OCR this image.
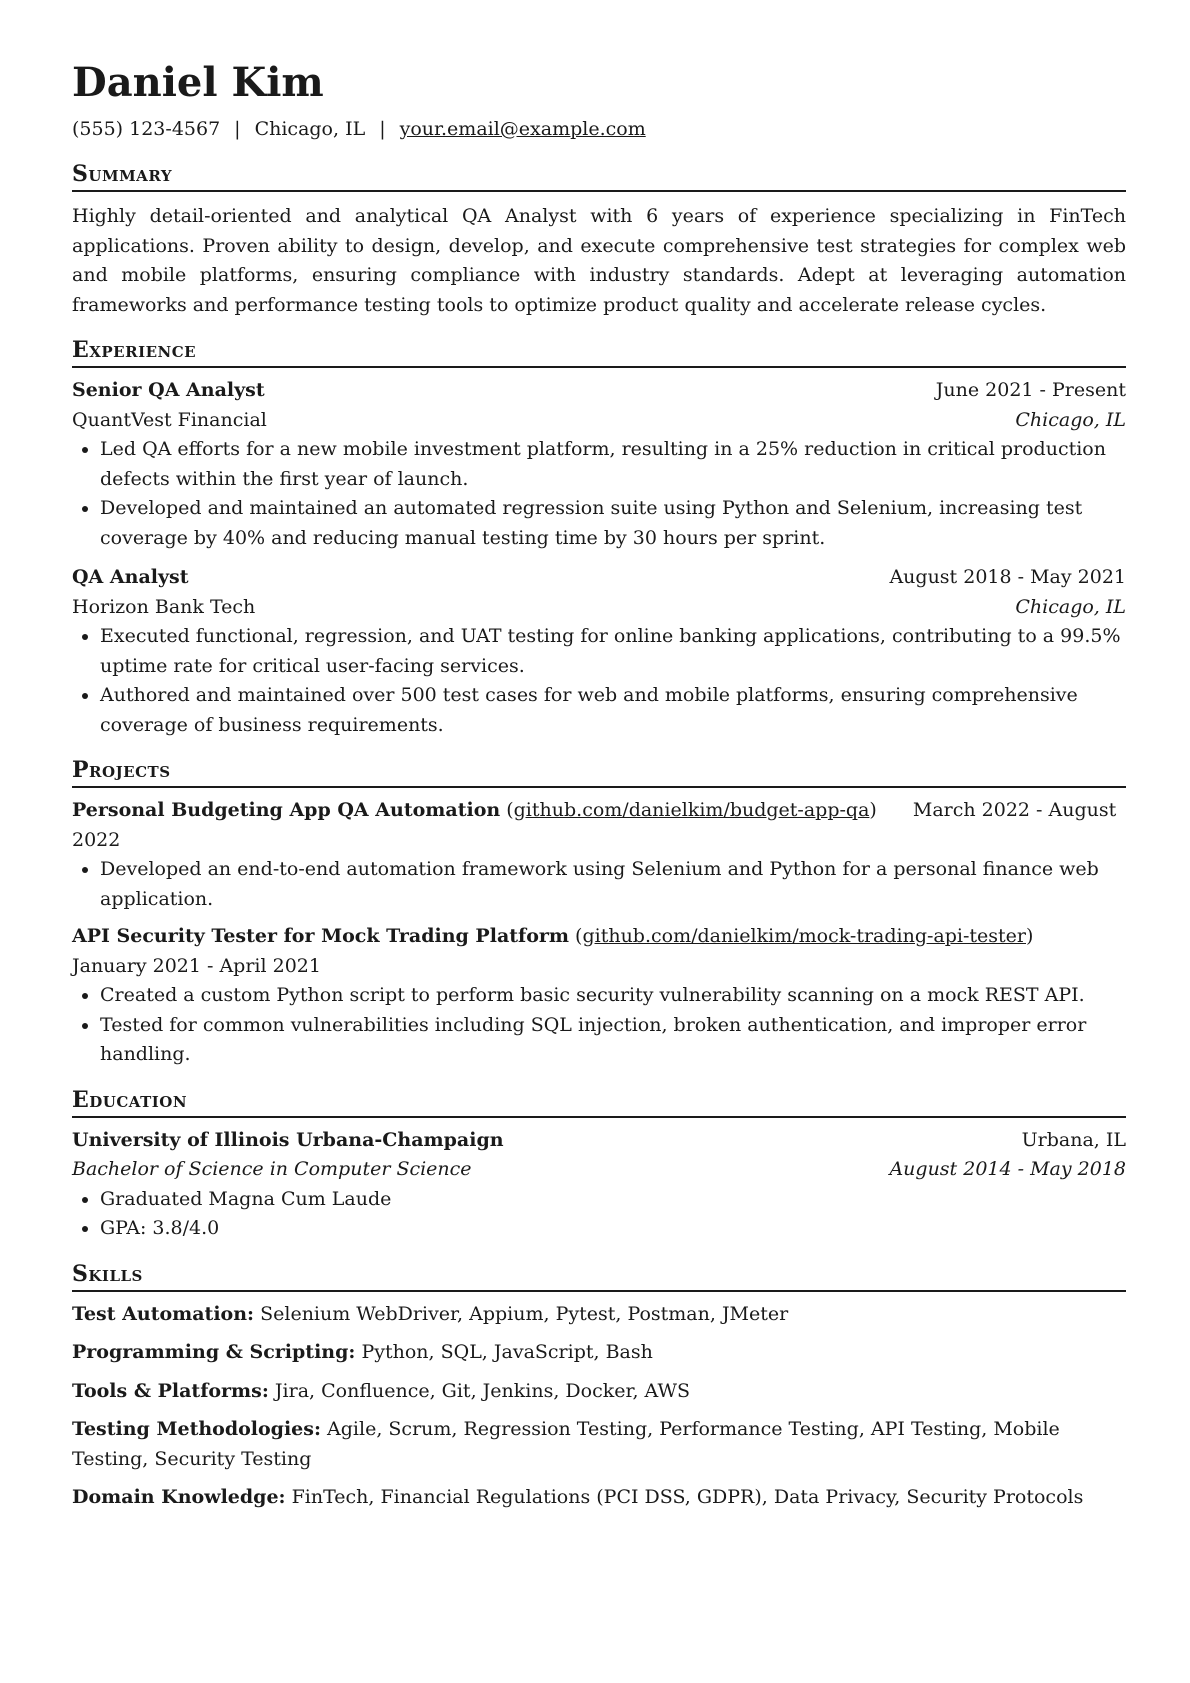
Daniel Kim
(555) 123-4567 | Chicago, IL | your.email@example.com
Summary
Highly detail-oriented and analytical QA Analyst with 6 years of experience specializing in FinTech applications. Proven ability to design, develop, and execute comprehensive test strategies for complex web and mobile platforms, ensuring compliance with industry standards. Adept at leveraging automation frameworks and performance testing tools to optimize product quality and accelerate release cycles.
Experience
Senior QA Analyst	June 2021 - Present
QuantVest Financial	Chicago, IL
• Led QA efforts for a new mobile investment platform, resulting in a 25% reduction in critical production defects within the first year of launch.
• Developed and maintained an automated regression suite using Python and Selenium, increasing test coverage by 40% and reducing manual testing time by 30 hours per sprint.
QA Analyst	August 2018 - May 2021
Horizon Bank Tech	Chicago, IL
• Executed functional, regression, and UAT testing for online banking applications, contributing to a 99.5% uptime rate for critical user-facing services.
• Authored and maintained over 500 test cases for web and mobile platforms, ensuring comprehensive coverage of business requirements.
Projects
Personal Budgeting App QA Automation (github.com/danielkim/budget-app-qa) March 2022 - August 2022
• Developed an end-to-end automation framework using Selenium and Python for a personal finance web application.
API Security Tester for Mock Trading Platform (github.com/danielkim/mock-trading-api-tester)
January 2021 - April 2021
• Created a custom Python script to perform basic security vulnerability scanning on a mock REST API.
• Tested for common vulnerabilities including SQL injection, broken authentication, and improper error handling.
Education
University of Illinois Urbana-Champaign	Urbana, IL
Bachelor of Science in Computer Science	August 2014 - May 2018
• Graduated Magna Cum Laude
• GPA: 3.8/4.0
Skills
Test Automation: Selenium WebDriver, Appium, Pytest, Postman, JMeter
Programming & Scripting: Python, SQL, JavaScript, Bash
Tools & Platforms: Jira, Confluence, Git, Jenkins, Docker, AWS
Testing Methodologies: Agile, Scrum, Regression Testing, Performance Testing, API Testing, Mobile Testing, Security Testing
Domain Knowledge: FinTech, Financial Regulations (PCI DSS, GDPR), Data Privacy, Security Protocols
